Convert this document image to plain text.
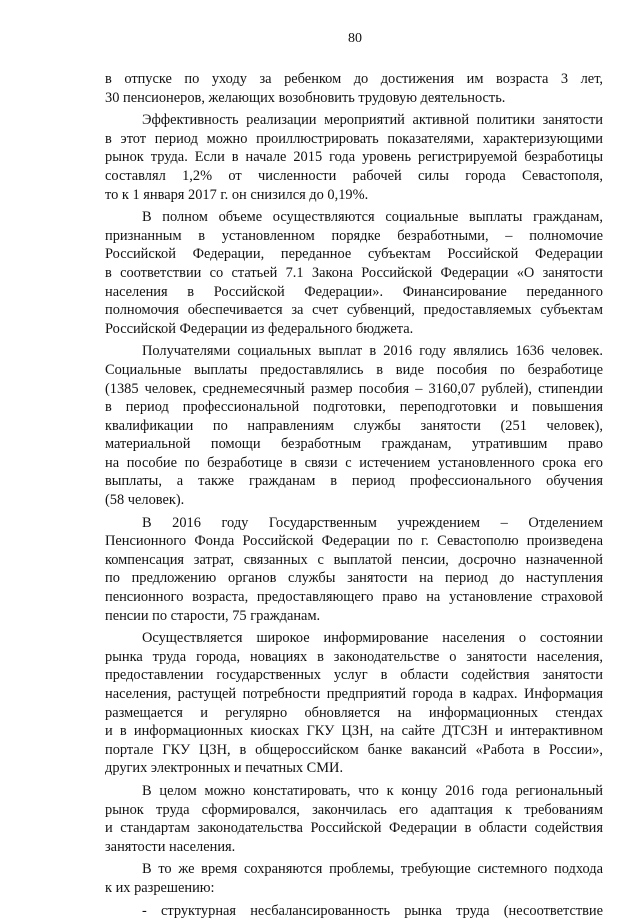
80
в отпуске по уходу за ребенком до достижения им возраста 3 лет,
30 пенсионеров, желающих возобновить трудовую деятельность.
Эффективность реализации мероприятий активной политики занятости
в этот период можно проиллюстрировать показателями, характеризующими
рынок труда. Если в начале 2015 года уровень регистрируемой безработицы
составлял 1,2% от численности рабочей силы города Севастополя,
то к 1 января 2017 г. он снизился до 0,19%.
В полном объеме осуществляются социальные выплаты гражданам,
признанным в установленном порядке безработными, – полномочие
Российской Федерации, переданное субъектам Российской Федерации
в соответствии со статьей 7.1 Закона Российской Федерации «О занятости
населения в Российской Федерации». Финансирование переданного
полномочия обеспечивается за счет субвенций, предоставляемых субъектам
Российской Федерации из федерального бюджета.
Получателями социальных выплат в 2016 году являлись 1636 человек.
Социальные выплаты предоставлялись в виде пособия по безработице
(1385 человек, среднемесячный размер пособия – 3160,07 рублей), стипендии
в период профессиональной подготовки, переподготовки и повышения
квалификации по направлениям службы занятости (251 человек),
материальной помощи безработным гражданам, утратившим право
на пособие по безработице в связи с истечением установленного срока его
выплаты, а также гражданам в период профессионального обучения
(58 человек).
В 2016 году Государственным учреждением – Отделением
Пенсионного Фонда Российской Федерации по г. Севастополю произведена
компенсация затрат, связанных с выплатой пенсии, досрочно назначенной
по предложению органов службы занятости на период до наступления
пенсионного возраста, предоставляющего право на установление страховой
пенсии по старости, 75 гражданам.
Осуществляется широкое информирование населения о состоянии
рынка труда города, новациях в законодательстве о занятости населения,
предоставлении государственных услуг в области содействия занятости
населения, растущей потребности предприятий города в кадрах. Информация
размещается и регулярно обновляется на информационных стендах
и в информационных киосках ГКУ ЦЗН, на сайте ДТСЗН и интерактивном
портале ГКУ ЦЗН, в общероссийском банке вакансий «Работа в России»,
других электронных и печатных СМИ.
В целом можно констатировать, что к концу 2016 года региональный
рынок труда сформировался, закончилась его адаптация к требованиям
и стандартам законодательства Российской Федерации в области содействия
занятости населения.
В то же время сохраняются проблемы, требующие системного подхода
к их разрешению:
- структурная несбалансированность рынка труда (несоответствие
